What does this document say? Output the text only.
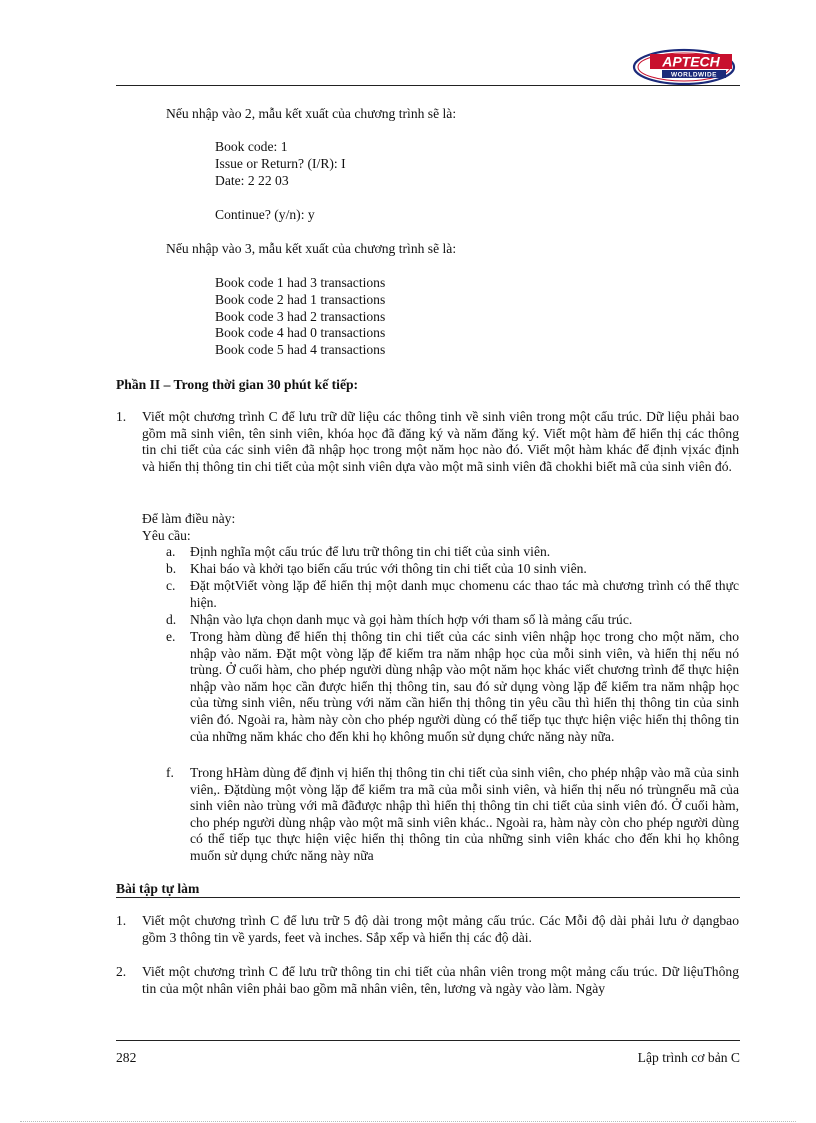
APTECH
WORLDWIDE
Nếu nhập vào 2, mẫu kết xuất của chương trình sẽ là:
Book code: 1
Issue or Return? (I/R): I
Date: 2 22 03
Continue? (y/n): y
Nếu nhập vào 3, mẫu kết xuất của chương trình sẽ là:
Book code 1 had 3 transactions
Book code 2 had 1 transactions
Book code 3 had 2 transactions
Book code 4 had 0 transactions
Book code 5 had 4 transactions
Phần II – Trong thời gian 30 phút kế tiếp:
1. Viết một chương trình C để lưu trữ dữ liệu các thông tinh về sinh viên trong một cấu trúc. Dữ liệu phải bao gồm mã sinh viên, tên sinh viên, khóa học đã đăng ký và năm đăng ký. Viết một hàm để hiển thị các thông tin chi tiết của các sinh viên đã nhập học trong một năm học nào đó. Viết một hàm khác để định vịxác định và hiển thị thông tin chi tiết của một sinh viên dựa vào một mã sinh viên đã chokhi biết mã của sinh viên đó.
Để làm điều này:
Yêu cầu:
a. Định nghĩa một cấu trúc để lưu trữ thông tin chi tiết của sinh viên.
b. Khai báo và khởi tạo biến cấu trúc với thông tin chi tiết của 10 sinh viên.
c. Đặt mộtViết vòng lặp để hiển thị một danh mục chomenu các thao tác mà chương trình có thể thực hiện.
d. Nhận vào lựa chọn danh mục và gọi hàm thích hợp với tham số là mảng cấu trúc.
e. Trong hàm dùng để hiển thị thông tin chi tiết của các sinh viên nhập học trong cho một năm, cho nhập vào năm. Đặt một vòng lặp để kiểm tra năm nhập học của mỗi sinh viên, và hiển thị nếu nó trùng. Ở cuối hàm, cho phép người dùng nhập vào một năm học khác viết chương trình để thực hiện nhập vào năm học cần được hiển thị thông tin, sau đó sử dụng vòng lặp để kiểm tra năm nhập học của từng sinh viên, nếu trùng với năm cần hiển thị thông tin yêu cầu thì hiển thị thông tin của sinh viên đó. Ngoài ra, hàm này còn cho phép người dùng có thể tiếp tục thực hiện việc hiển thị thông tin của những năm khác cho đến khi họ không muốn sử dụng chức năng này nữa.
f. Trong hHàm dùng để định vị hiển thị thông tin chi tiết của sinh viên, cho phép nhập vào mã của sinh viên,. Đặtdùng một vòng lặp để kiểm tra mã của mỗi sinh viên, và hiển thị nếu nó trùngnếu mã của sinh viên nào trùng với mã đãđược nhập thì hiển thị thông tin chi tiết của sinh viên đó. Ở cuối hàm, cho phép người dùng nhập vào một mã sinh viên khác.. Ngoài ra, hàm này còn cho phép người dùng có thể tiếp tục thực hiện việc hiển thị thông tin của những sinh viên khác cho đến khi họ không muốn sử dụng chức năng này nữa
Bài tập tự làm
1. Viết một chương trình C để lưu trữ 5 độ dài trong một mảng cấu trúc. Các Mỗi độ dài phải lưu ở dạngbao gồm 3 thông tin về yards, feet và inches. Sắp xếp và hiển thị các độ dài.
2. Viết một chương trình C để lưu trữ thông tin chi tiết của nhân viên trong một mảng cấu trúc. Dữ liệuThông tin của một nhân viên phải bao gồm mã nhân viên, tên, lương và ngày vào làm. Ngày
282	Lập trình cơ bản C
